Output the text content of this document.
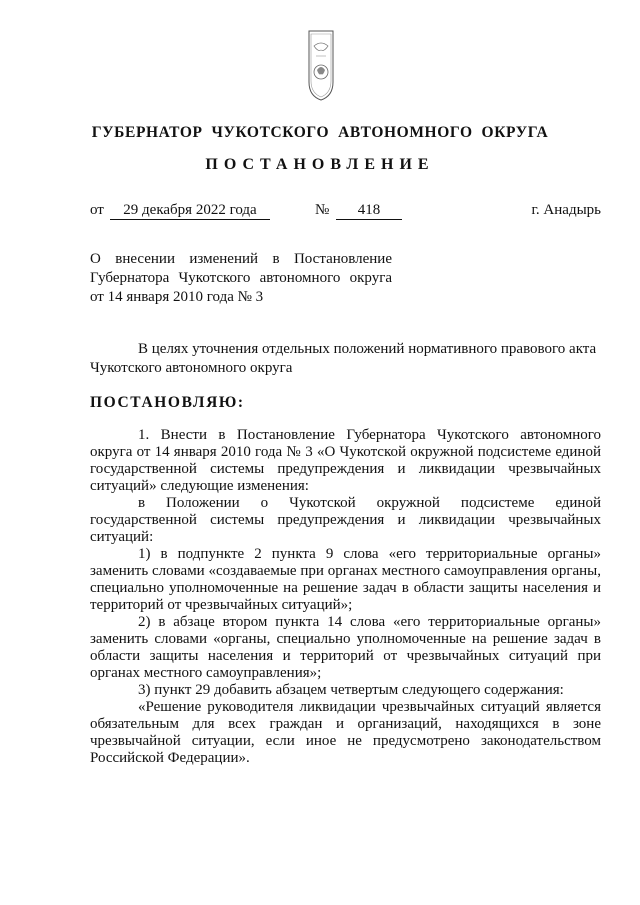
ГУБЕРНАТОР  ЧУКОТСКОГО  АВТОНОМНОГО  ОКРУГА
ПОСТАНОВЛЕНИЕ
от	29 декабря 2022 года	№	418	г. Анадырь
О внесении изменений в Постановление
Губернатора Чукотского автономного округа
от 14 января 2010 года № 3
В целях уточнения отдельных положений нормативного правового акта Чукотского автономного округа
ПОСТАНОВЛЯЮ:
1. Внести в Постановление Губернатора Чукотского автономного округа от 14 января 2010 года № 3 «О Чукотской окружной подсистеме единой государственной системы предупреждения и ликвидации чрезвычайных ситуаций» следующие изменения:
в Положении о Чукотской окружной подсистеме единой государственной системы предупреждения и ликвидации чрезвычайных ситуаций:
1) в подпункте 2 пункта 9 слова «его территориальные органы» заменить словами «создаваемые при органах местного самоуправления органы, специально уполномоченные на решение задач в области защиты населения и территорий от чрезвычайных ситуаций»;
2) в абзаце втором пункта 14 слова «его территориальные органы» заменить словами «органы, специально уполномоченные на решение задач в области защиты населения и территорий от чрезвычайных ситуаций при органах местного самоуправления»;
3) пункт 29 добавить абзацем четвертым следующего содержания:
«Решение руководителя ликвидации чрезвычайных ситуаций является обязательным для всех граждан и организаций, находящихся в зоне чрезвычайной ситуации, если иное не предусмотрено законодательством Российской Федерации».
